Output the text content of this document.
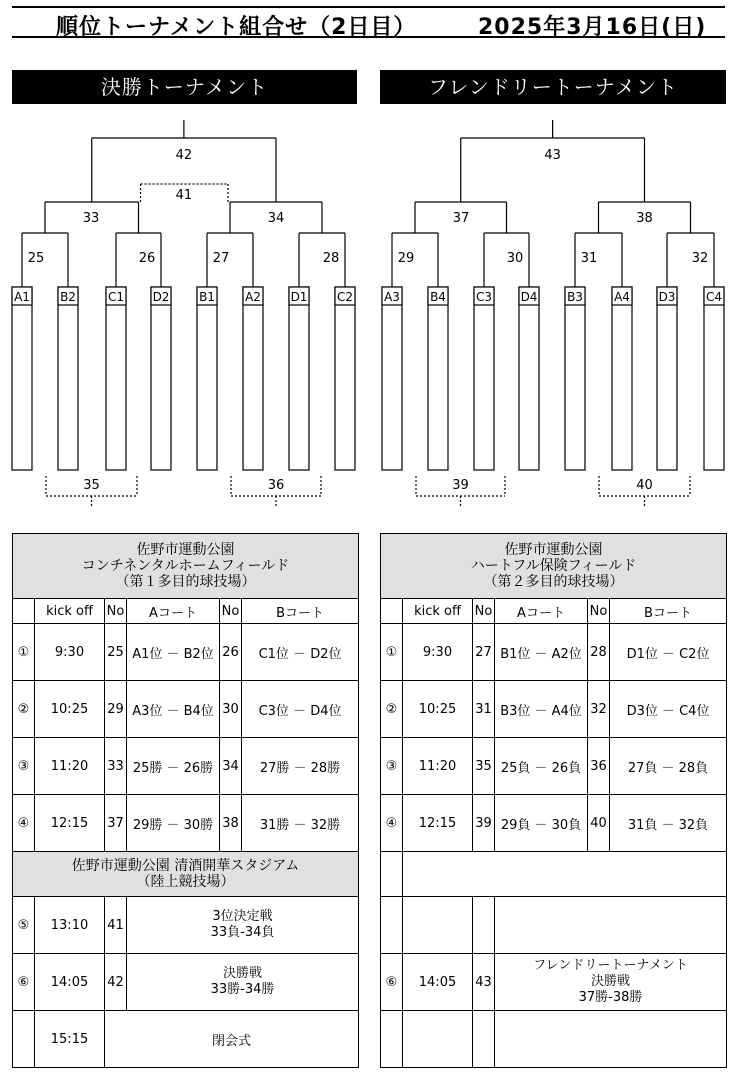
順位トーナメント組合せ（2日目）	2025年3月16日(日)
決勝トーナメント	フレンドリートーナメント
A1	B2	C1 D2 B1	A2 D1 C2
25	26	27	28
33	34
42
41
35	36
A3	B4	C3 D4 B3	A4 D3	C4
29	30	31	32
37	38
43
39	40
佐野市運動公園
コンチネンタルホームフィールド
（第１多目的球技場）					
	kick off	No	Aコート	No	Bコート
①	9:30	25	A1位 － B2位	26	C1位 － D2位
②	10:25	29	A3位 － B4位	30	C3位 － D4位
③	11:20	33	25勝 － 26勝	34	27勝 － 28勝
④	12:15	37	29勝 － 30勝	38	31勝 － 32勝
佐野市運動公園 清酒開華スタジアム
（陸上競技場）					
⑤	13:10	41	3位決定戦
33負-34負		
⑥	14:05	42	決勝戦
33勝-34勝		
	15:15	閉会式			
佐野市運動公園
ハートフル保険フィールド
（第２多目的球技場）					
	kick off	No	Aコート	No	Bコート
①	9:30	27	B1位 － A2位	28	D1位 － C2位
②	10:25	31	B3位 － A4位	32	D3位 － C4位
③	11:20	35	25負 － 26負	36	27負 － 28負
④	12:15	39	29負 － 30負	40	31負 － 32負

⑥	14:05	43	フレンドリートーナメント
決勝戦
37勝-38勝		
